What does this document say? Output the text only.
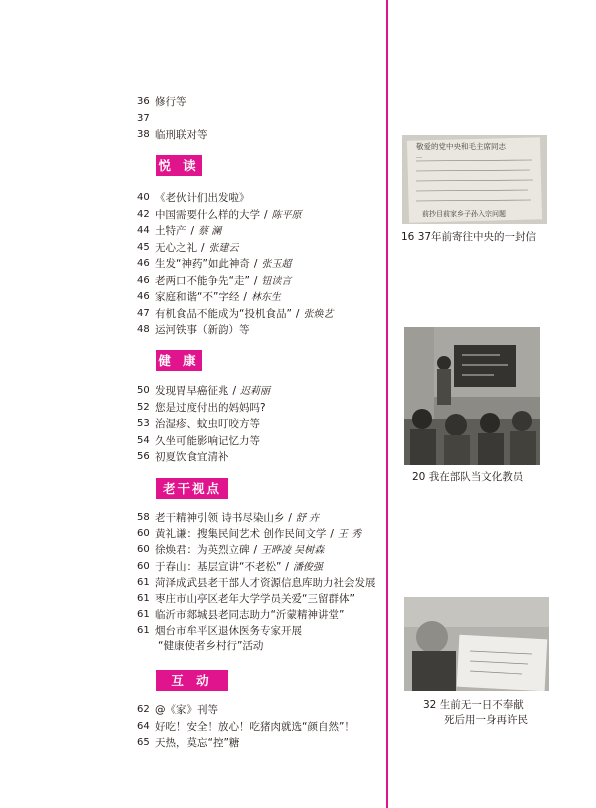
36 修行等
37
38 临刑联对等
悦 读
40 《老伙计们出发啦》
42 中国需要什么样的大学 / 陈平原
44 土特产 / 蔡 澜
45 无心之礼 / 张建云
46 生发“神药”如此神奇 / 张玉超
46 老两口不能争先“走” / 钮读言
46 家庭和谐“不”字经 / 林东生
47 有机食品不能成为“投机食品” / 张焕艺
48 运河铁事（新韵）等
健 康
50 发现胃早癌征兆 / 迟莉丽
52 您是过度付出的妈妈吗?
53 治湿疹、蚊虫叮咬方等
54 久坐可能影响记忆力等
56 初夏饮食宜清补
老干视点
58 老干精神引领 诗书尽染山乡 / 舒 卉
60 黄礼谦：搜集民间艺术 创作民间文学 / 王 秀
60 徐焕君：为英烈立碑 / 王晔凌 吴树森
60 于春山：基层宣讲“不老松” / 潘俊强
61 菏泽成武县老干部人才资源信息库助力社会发展
61 枣庄市山亭区老年大学学员关爱“三留群体”
61 临沂市郯城县老同志助力“沂蒙精神讲堂”
61 烟台市牟平区退休医务专家开展
“健康使者乡村行”活动
互 动
62 @《家》刊等
64 好吃！安全！放心！吃猪肉就选“颜自然”！
65 天热，莫忘“控”糖
敬爱的党中央和毛主席同志
…
前抄目前家乡子孙入宗问题
16 37年前寄往中央的一封信
20 我在部队当文化教员
32 生前无一日不奉献
死后用一身再许民
